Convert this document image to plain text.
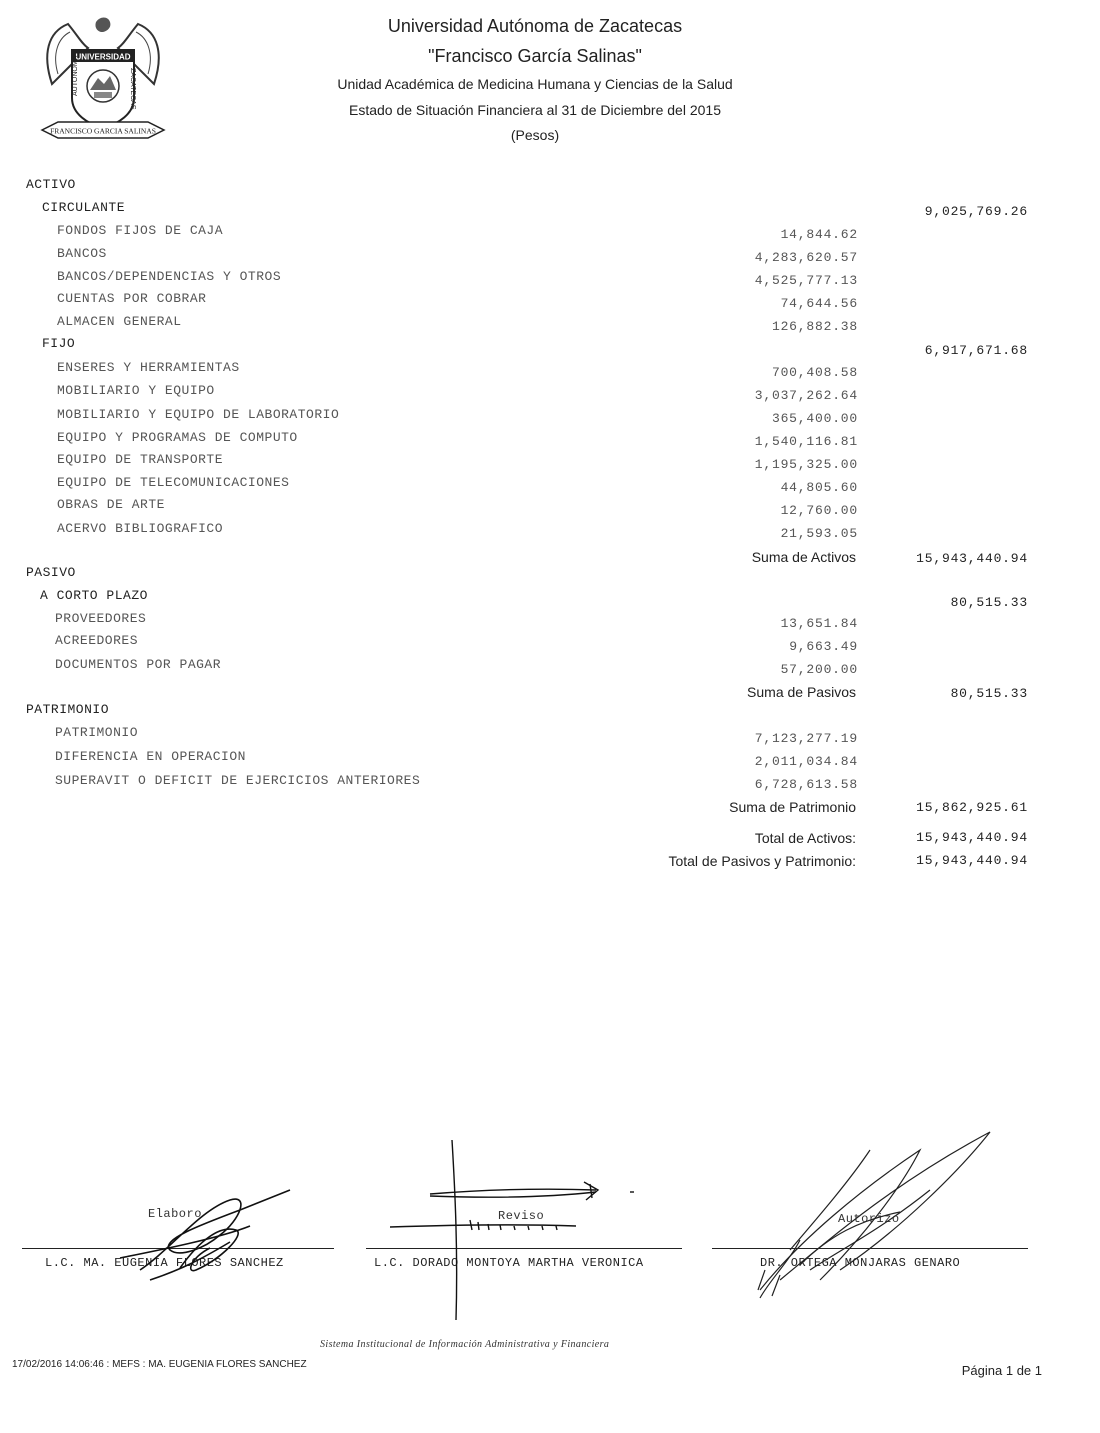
UNIVERSIDAD
AUTONOMA	ZACATECAS
FRANCISCO GARCIA SALINAS
Universidad Autónoma de Zacatecas
"Francisco García Salinas"
Unidad Académica de Medicina Humana y Ciencias de la Salud
Estado de Situación Financiera al 31 de Diciembre del 2015
(Pesos)
ACTIVO
CIRCULANTE	9,025,769.26
FONDOS FIJOS DE CAJA	14,844.62
BANCOS	4,283,620.57
BANCOS/DEPENDENCIAS Y OTROS	4,525,777.13
CUENTAS POR COBRAR	74,644.56
ALMACEN GENERAL	126,882.38
FIJO	6,917,671.68
ENSERES Y HERRAMIENTAS	700,408.58
MOBILIARIO Y EQUIPO	3,037,262.64
MOBILIARIO Y EQUIPO DE LABORATORIO	365,400.00
EQUIPO Y PROGRAMAS DE COMPUTO	1,540,116.81
EQUIPO DE TRANSPORTE	1,195,325.00
EQUIPO DE TELECOMUNICACIONES	44,805.60
OBRAS DE ARTE	12,760.00
ACERVO BIBLIOGRAFICO	21,593.05
Suma de Activos	15,943,440.94
PASIVO
A CORTO PLAZO	80,515.33
PROVEEDORES	13,651.84
ACREEDORES	9,663.49
DOCUMENTOS POR PAGAR	57,200.00
Suma de Pasivos	80,515.33
PATRIMONIO
PATRIMONIO	7,123,277.19
DIFERENCIA EN OPERACION	2,011,034.84
SUPERAVIT O DEFICIT DE EJERCICIOS ANTERIORES	6,728,613.58
Suma de Patrimonio	15,862,925.61
Total de Activos:	15,943,440.94
Total de Pasivos y Patrimonio:	15,943,440.94
Elaboro	Reviso	Autorizo
L.C. MA. EUGENIA FLORES SANCHEZ	L.C. DORADO MONTOYA MARTHA VERONICA	DR. ORTEGA MONJARAS GENARO
Sistema Institucional de Información Administrativa y Financiera
17/02/2016 14:06:46 : MEFS : MA. EUGENIA FLORES SANCHEZ	Página 1 de 1
